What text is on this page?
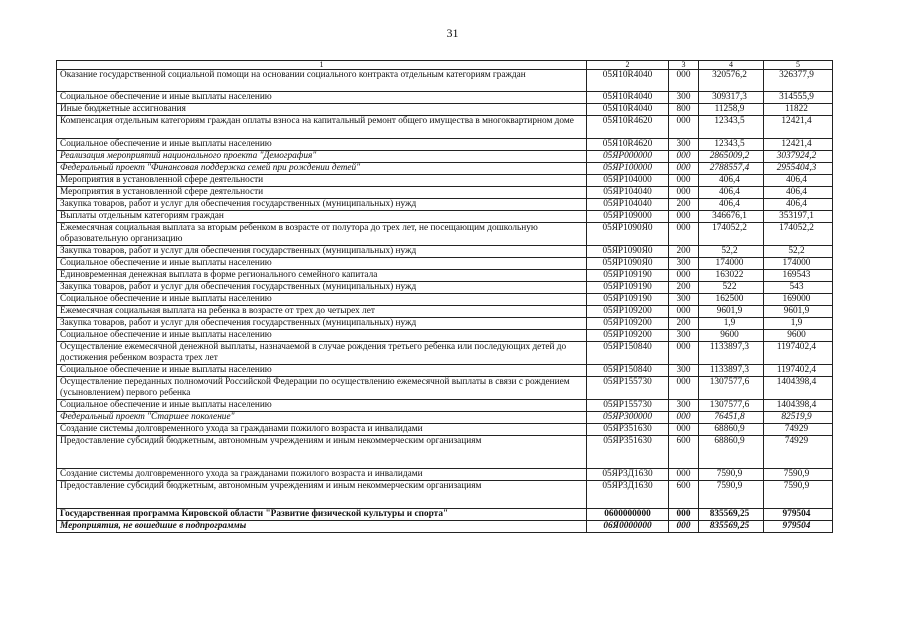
31
1	2	3	4	5
Оказание государственной социальной помощи на основании социального контракта отдельным категориям граждан	05Я10R4040	000	320576,2	326377,9
Социальное обеспечение и иные выплаты населению	05Я10R4040	300	309317,3	314555,9
Иные бюджетные ассигнования	05Я10R4040	800	11258,9	11822
Компенсация отдельным категориям граждан оплаты взноса на капитальный ремонт общего имущества в многоквартирном доме	05Я10R4620	000	12343,5	12421,4
Социальное обеспечение и иные выплаты населению	05Я10R4620	300	12343,5	12421,4
Реализация мероприятий национального проекта "Демография"	05ЯР000000	000	2865009,2	3037924,2
Федеральный проект "Финансовая поддержка семей при рождении детей"	05ЯР100000	000	2788557,4	2955404,3
Мероприятия в установленной сфере деятельности	05ЯР104000	000	406,4	406,4
Мероприятия в установленной сфере деятельности	05ЯР104040	000	406,4	406,4
Закупка товаров, работ и услуг для обеспечения государственных (муниципальных) нужд	05ЯР104040	200	406,4	406,4
Выплаты отдельным категориям граждан	05ЯР109000	000	346676,1	353197,1
Ежемесячная социальная выплата за вторым ребенком в возрасте от полутора до трех лет, не посещающим дошкольную образовательную организацию	05ЯР1090Я0	000	174052,2	174052,2
Закупка товаров, работ и услуг для обеспечения государственных (муниципальных) нужд	05ЯР1090Я0	200	52,2	52,2
Социальное обеспечение и иные выплаты населению	05ЯР1090Я0	300	174000	174000
Единовременная денежная выплата в форме регионального семейного капитала	05ЯР109190	000	163022	169543
Закупка товаров, работ и услуг для обеспечения государственных (муниципальных) нужд	05ЯР109190	200	522	543
Социальное обеспечение и иные выплаты населению	05ЯР109190	300	162500	169000
Ежемесячная социальная выплата на ребенка в возрасте от трех до четырех лет	05ЯР109200	000	9601,9	9601,9
Закупка товаров, работ и услуг для обеспечения государственных (муниципальных) нужд	05ЯР109200	200	1,9	1,9
Социальное обеспечение и иные выплаты населению	05ЯР109200	300	9600	9600
Осуществление ежемесячной денежной выплаты, назначаемой в случае рождения третьего ребенка или последующих детей до достижения ребенком возраста трех лет	05ЯР150840	000	1133897,3	1197402,4
Социальное обеспечение и иные выплаты населению	05ЯР150840	300	1133897,3	1197402,4
Осуществление переданных полномочий Российской Федерации по осуществлению ежемесячной выплаты в связи с рождением (усыновлением) первого ребенка	05ЯР155730	000	1307577,6	1404398,4
Социальное обеспечение и иные выплаты населению	05ЯР155730	300	1307577,6	1404398,4
Федеральный проект "Старшее поколение"	05ЯР300000	000	76451,8	82519,9
Создание системы долговременного ухода за гражданами пожилого возраста и инвалидами	05ЯР351630	000	68860,9	74929
Предоставление субсидий бюджетным, автономным учреждениям и иным некоммерческим организациям	05ЯР351630	600	68860,9	74929
Создание системы долговременного ухода за гражданами пожилого возраста и инвалидами	05ЯР3Д1630	000	7590,9	7590,9
Предоставление субсидий бюджетным, автономным учреждениям и иным некоммерческим организациям	05ЯР3Д1630	600	7590,9	7590,9
Государственная программа Кировской области "Развитие физической культуры и спорта"	0600000000	000	835569,25	979504
Мероприятия, не вошедшие в подпрограммы	06Я0000000	000	835569,25	979504
